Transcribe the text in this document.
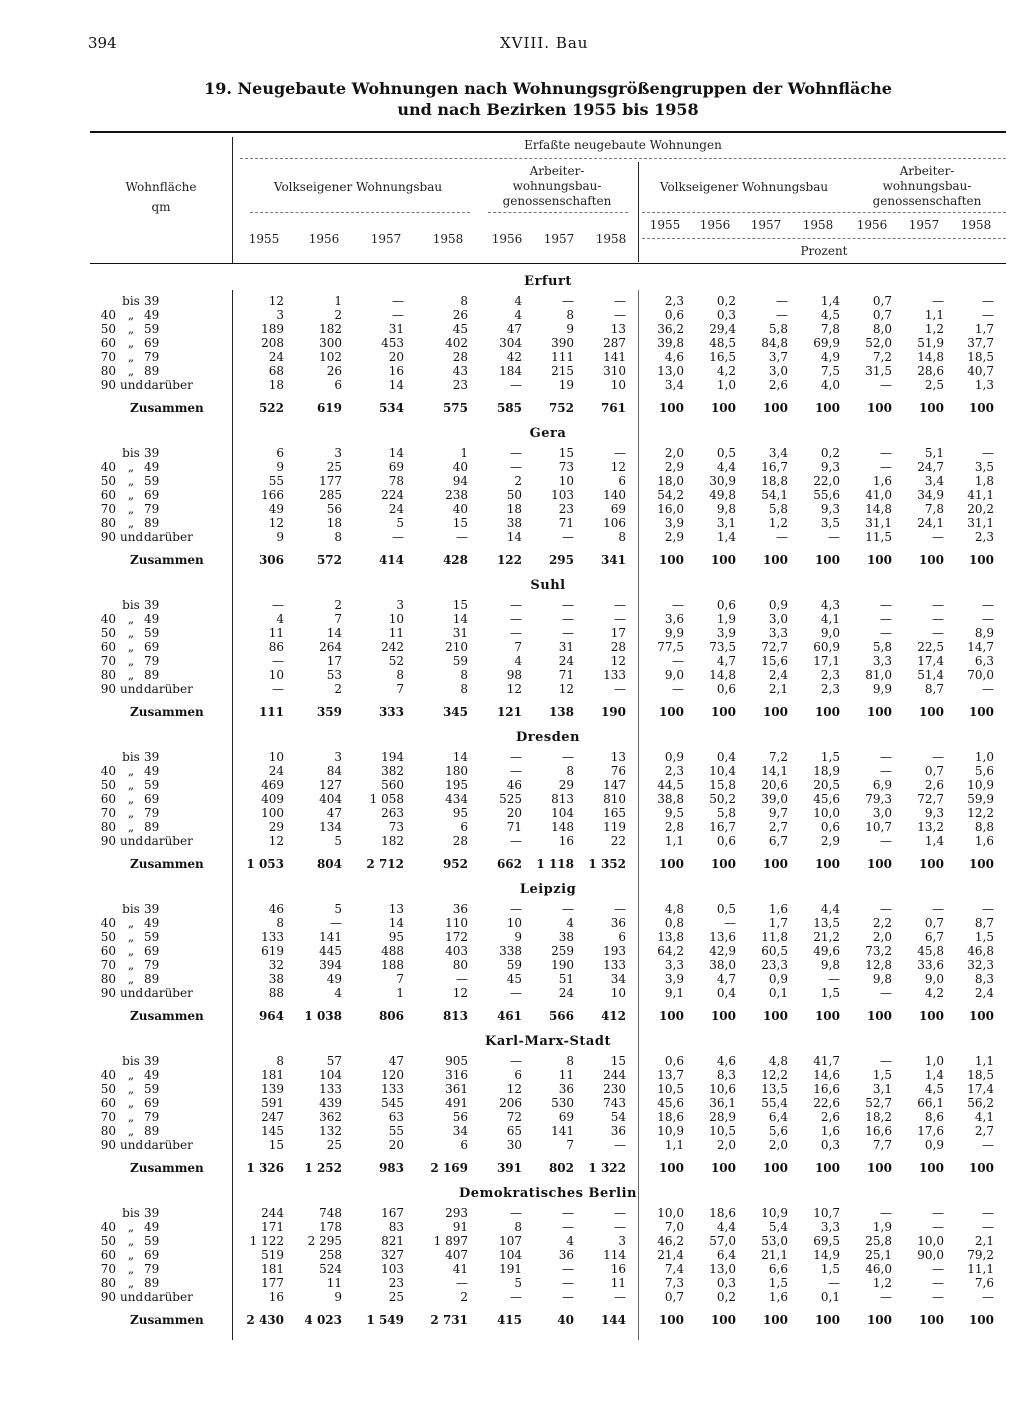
394	XVIII. Bau
19. Neugebaute Wohnungen nach Wohnungsgrößengruppen der Wohnfläche
und nach Bezirken 1955 bis 1958
Wohnfläche
qm
Erfaßte neugebaute Wohnungen
Volkseigener Wohnungsbau
Arbeiter-
wohnungsbau-
genossenschaften
Volkseigener Wohnungsbau
Arbeiter-
wohnungsbau-
genossenschaften
1955	1956	1957	1958	1956	1957	1958
1955	1956	1957	1958	1956	1957	1958
Prozent
Erfurt
bis 39	12	1	—	8	4	—	—	2,3	0,2	—	1,4	0,7	—	—
40 „ 49	3	2	—	26	4	8	—	0,6	0,3	—	4,5	0,7	1,1	—
50 „ 59	189	182	31	45	47	9	13	36,2	29,4	5,8	7,8	8,0	1,2	1,7
60 „ 69	208	300	453	402	304	390	287	39,8	48,5	84,8	69,9	52,0	51,9	37,7
70 „ 79	24	102	20	28	42	111	141	4,6	16,5	3,7	4,9	7,2	14,8	18,5
80 „ 89	68	26	16	43	184	215	310	13,0	4,2	3,0	7,5	31,5	28,6	40,7
90 und darüber	18	6	14	23	—	19	10	3,4	1,0	2,6	4,0	—	2,5	1,3
Zusammen	522	619	534	575	585	752	761	100	100	100	100	100	100	100
Gera
bis 39	6	3	14	1	—	15	—	2,0	0,5	3,4	0,2	—	5,1	—
40 „ 49	9	25	69	40	—	73	12	2,9	4,4	16,7	9,3	—	24,7	3,5
50 „ 59	55	177	78	94	2	10	6	18,0	30,9	18,8	22,0	1,6	3,4	1,8
60 „ 69	166	285	224	238	50	103	140	54,2	49,8	54,1	55,6	41,0	34,9	41,1
70 „ 79	49	56	24	40	18	23	69	16,0	9,8	5,8	9,3	14,8	7,8	20,2
80 „ 89	12	18	5	15	38	71	106	3,9	3,1	1,2	3,5	31,1	24,1	31,1
90 und darüber	9	8	—	—	14	—	8	2,9	1,4	—	—	11,5	—	2,3
Zusammen	306	572	414	428	122	295	341	100	100	100	100	100	100	100
Suhl
bis 39	—	2	3	15	—	—	—	—	0,6	0,9	4,3	—	—	—
40 „ 49	4	7	10	14	—	—	—	3,6	1,9	3,0	4,1	—	—	—
50 „ 59	11	14	11	31	—	—	17	9,9	3,9	3,3	9,0	—	—	8,9
60 „ 69	86	264	242	210	7	31	28	77,5	73,5	72,7	60,9	5,8	22,5	14,7
70 „ 79	—	17	52	59	4	24	12	—	4,7	15,6	17,1	3,3	17,4	6,3
80 „ 89	10	53	8	8	98	71	133	9,0	14,8	2,4	2,3	81,0	51,4	70,0
90 und darüber	—	2	7	8	12	12	—	—	0,6	2,1	2,3	9,9	8,7	—
Zusammen	111	359	333	345	121	138	190	100	100	100	100	100	100	100
Dresden
bis 39	10	3	194	14	—	—	13	0,9	0,4	7,2	1,5	—	—	1,0
40 „ 49	24	84	382	180	—	8	76	2,3	10,4	14,1	18,9	—	0,7	5,6
50 „ 59	469	127	560	195	46	29	147	44,5	15,8	20,6	20,5	6,9	2,6	10,9
60 „ 69	409	404	1 058	434	525	813	810	38,8	50,2	39,0	45,6	79,3	72,7	59,9
70 „ 79	100	47	263	95	20	104	165	9,5	5,8	9,7	10,0	3,0	9,3	12,2
80 „ 89	29	134	73	6	71	148	119	2,8	16,7	2,7	0,6	10,7	13,2	8,8
90 und darüber	12	5	182	28	—	16	22	1,1	0,6	6,7	2,9	—	1,4	1,6
Zusammen	1 053	804	2 712	952	662	1 118	1 352	100	100	100	100	100	100	100
Leipzig
bis 39	46	5	13	36	—	—	—	4,8	0,5	1,6	4,4	—	—	—
40 „ 49	8	—	14	110	10	4	36	0,8	—	1,7	13,5	2,2	0,7	8,7
50 „ 59	133	141	95	172	9	38	6	13,8	13,6	11,8	21,2	2,0	6,7	1,5
60 „ 69	619	445	488	403	338	259	193	64,2	42,9	60,5	49,6	73,2	45,8	46,8
70 „ 79	32	394	188	80	59	190	133	3,3	38,0	23,3	9,8	12,8	33,6	32,3
80 „ 89	38	49	7	—	45	51	34	3,9	4,7	0,9	—	9,8	9,0	8,3
90 und darüber	88	4	1	12	—	24	10	9,1	0,4	0,1	1,5	—	4,2	2,4
Zusammen	964	1 038	806	813	461	566	412	100	100	100	100	100	100	100
Karl-Marx-Stadt
bis 39	8	57	47	905	—	8	15	0,6	4,6	4,8	41,7	—	1,0	1,1
40 „ 49	181	104	120	316	6	11	244	13,7	8,3	12,2	14,6	1,5	1,4	18,5
50 „ 59	139	133	133	361	12	36	230	10,5	10,6	13,5	16,6	3,1	4,5	17,4
60 „ 69	591	439	545	491	206	530	743	45,6	36,1	55,4	22,6	52,7	66,1	56,2
70 „ 79	247	362	63	56	72	69	54	18,6	28,9	6,4	2,6	18,2	8,6	4,1
80 „ 89	145	132	55	34	65	141	36	10,9	10,5	5,6	1,6	16,6	17,6	2,7
90 und darüber	15	25	20	6	30	7	—	1,1	2,0	2,0	0,3	7,7	0,9	—
Zusammen	1 326	1 252	983	2 169	391	802	1 322	100	100	100	100	100	100	100
Demokratisches Berlin
bis 39	244	748	167	293	—	—	—	10,0	18,6	10,9	10,7	—	—	—
40 „ 49	171	178	83	91	8	—	—	7,0	4,4	5,4	3,3	1,9	—	—
50 „ 59	1 122	2 295	821	1 897	107	4	3	46,2	57,0	53,0	69,5	25,8	10,0	2,1
60 „ 69	519	258	327	407	104	36	114	21,4	6,4	21,1	14,9	25,1	90,0	79,2
70 „ 79	181	524	103	41	191	—	16	7,4	13,0	6,6	1,5	46,0	—	11,1
80 „ 89	177	11	23	—	5	—	11	7,3	0,3	1,5	—	1,2	—	7,6
90 und darüber	16	9	25	2	—	—	—	0,7	0,2	1,6	0,1	—	—	—
Zusammen	2 430	4 023	1 549	2 731	415	40	144	100	100	100	100	100	100	100
